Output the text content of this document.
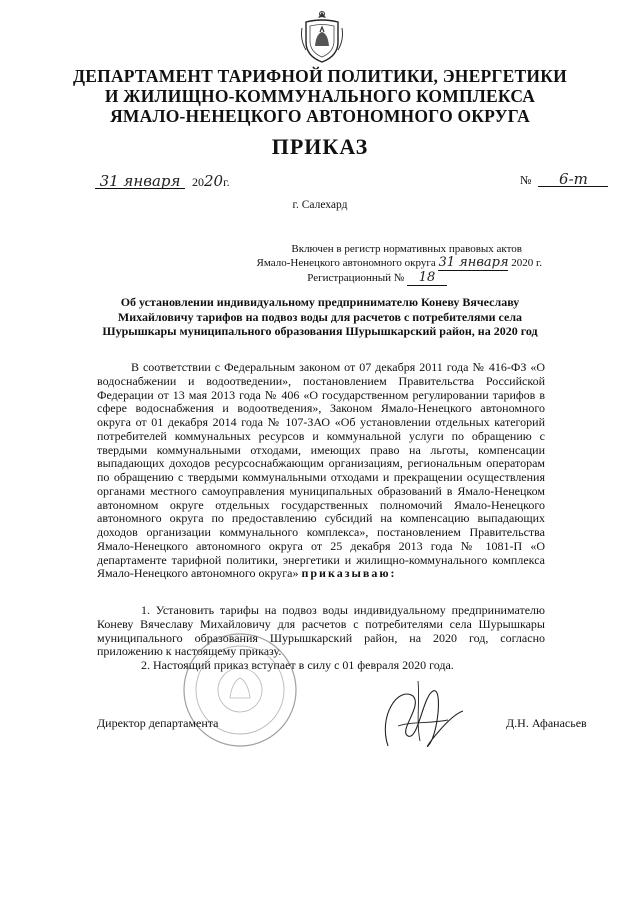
ДЕПАРТАМЕНТ ТАРИФНОЙ ПОЛИТИКИ, ЭНЕРГЕТИКИ
И ЖИЛИЩНО-КОММУНАЛЬНОГО КОМПЛЕКСА
ЯМАЛО-НЕНЕЦКОГО АВТОНОМНОГО ОКРУГА
ПРИКАЗ
31 января 2020г.	№ 6-т
г. Салехард
Включен в регистр нормативных правовых актов
Ямало-Ненецкого автономного округа 31 января 2020 г.
Регистрационный № 18
Об установлении индивидуальному предпринимателю Коневу Вячеславу Михайловичу тарифов на подвоз воды для расчетов с потребителями села Шурышкары муниципального образования Шурышкарский район, на 2020 год

В соответствии с Федеральным законом от 07 декабря 2011 года № 416-ФЗ «О водоснабжении и водоотведении», постановлением Правительства Российской Федерации от 13 мая 2013 года № 406 «О государственном регулировании тарифов в сфере водоснабжения и водоотведения», Законом Ямало-Ненецкого автономного округа от 01 декабря 2014 года № 107-ЗАО «Об установлении отдельных категорий потребителей коммунальных ресурсов и коммунальной услуги по обращению с твердыми коммунальными отходами, имеющих право на льготы, компенсации выпадающих доходов ресурсоснабжающим организациям, региональным операторам по обращению с твердыми коммунальными отходами и прекращении осуществления органами местного самоуправления муниципальных образований в Ямало-Ненецком автономном округе отдельных государственных полномочий Ямало-Ненецкого автономного округа по предоставлению субсидий на компенсацию выпадающих доходов организации коммунального комплекса», постановлением Правительства Ямало-Ненецкого автономного округа от 25 декабря 2013 года № 1081-П «О департаменте тарифной политики, энергетики и жилищно-коммунального комплекса Ямало-Ненецкого автономного округа» приказываю:

1. Установить тарифы на подвоз воды индивидуальному предпринимателю Коневу Вячеславу Михайловичу для расчетов с потребителями села Шурышкары муниципального образования Шурышкарский район, на 2020 год, согласно приложению к настоящему приказу.

2. Настоящий приказ вступает в силу с 01 февраля 2020 года.

Директор департамента	Д.Н. Афанасьев
